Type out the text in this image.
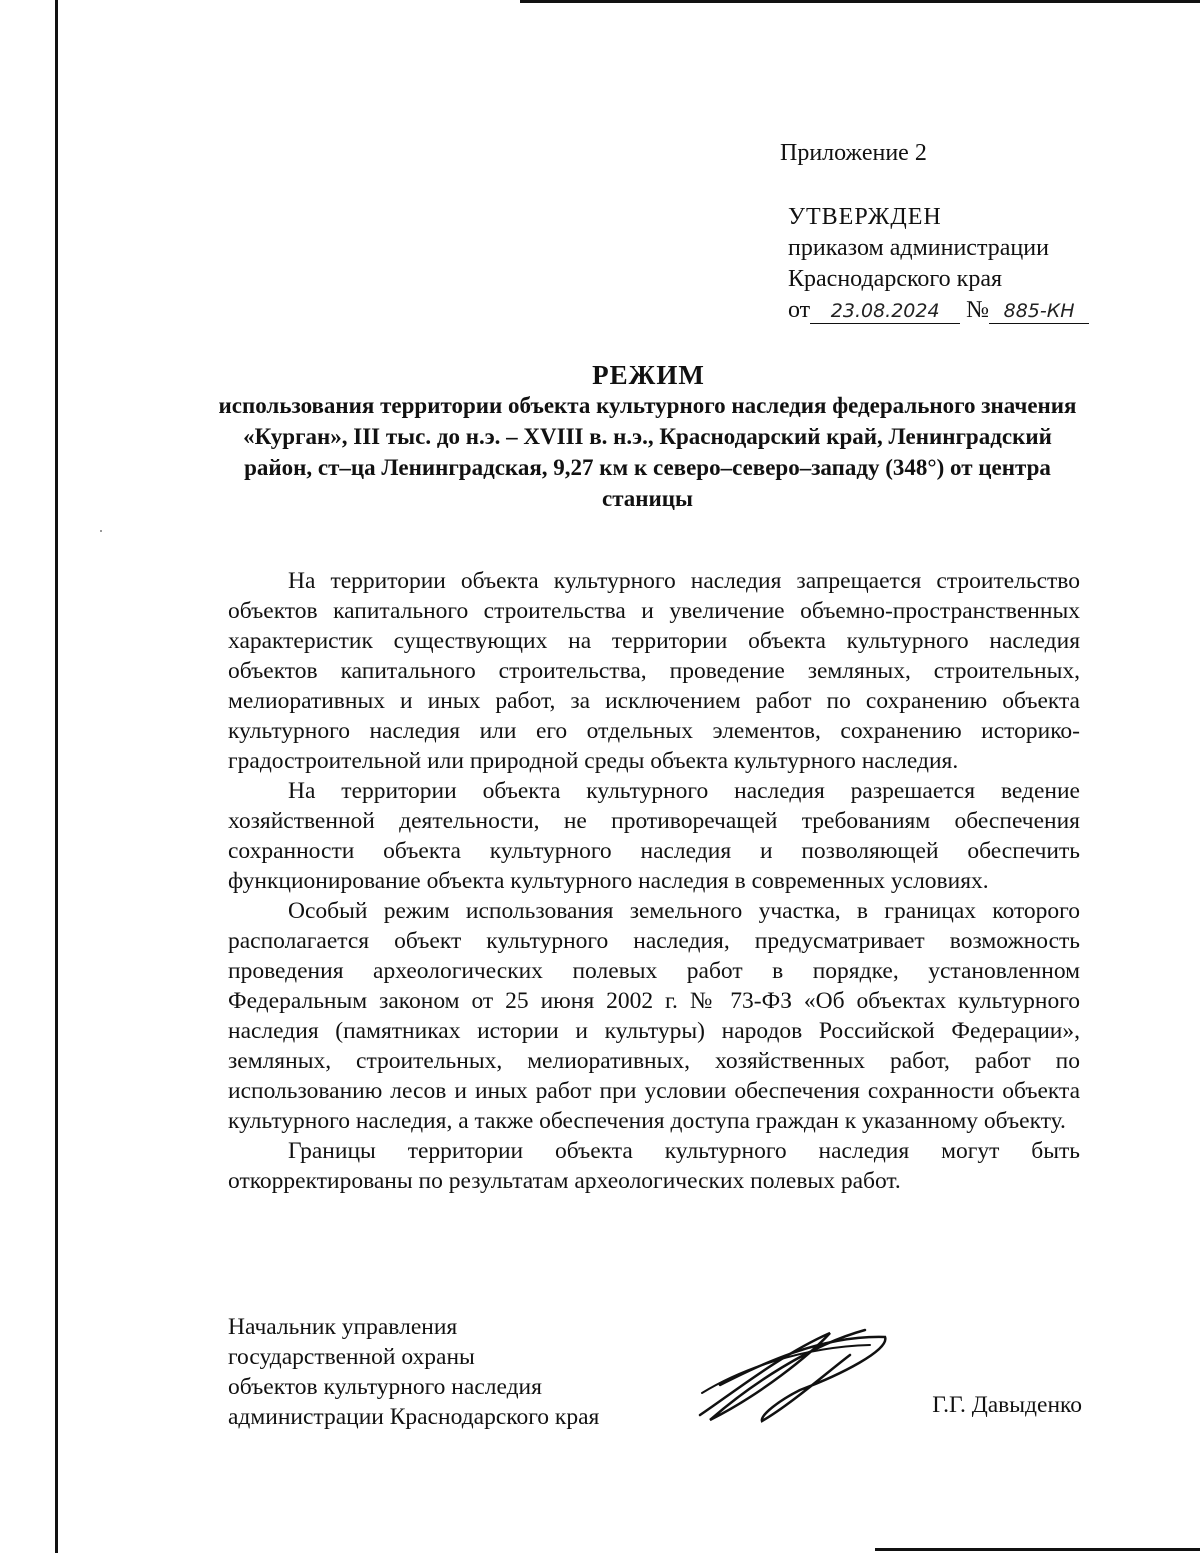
Приложение 2
УТВЕРЖДЕН
приказом администрации
Краснодарского края
от 23.08.2024 № 885-КН
РЕЖИМ
использования территории объекта культурного наследия федерального значения «Курган», III тыс. до н.э. – XVIII в. н.э., Краснодарский край, Ленинградский район, ст–ца Ленинградская, 9,27 км к северо–северо–западу (348°) от центра станицы

На территории объекта культурного наследия запрещается строительство объектов капитального строительства и увеличение объемно-пространственных характеристик существующих на территории объекта культурного наследия объектов капитального строительства, проведение земляных, строительных, мелиоративных и иных работ, за исключением работ по сохранению объекта культурного наследия или его отдельных элементов, сохранению историко-градостроительной или природной среды объекта культурного наследия.

На территории объекта культурного наследия разрешается ведение хозяйственной деятельности, не противоречащей требованиям обеспечения сохранности объекта культурного наследия и позволяющей обеспечить функционирование объекта культурного наследия в современных условиях.

Особый режим использования земельного участка, в границах которого располагается объект культурного наследия, предусматривает возможность проведения археологических полевых работ в порядке, установленном Федеральным законом от 25 июня 2002 г. № 73-ФЗ «Об объектах культурного наследия (памятниках истории и культуры) народов Российской Федерации», земляных, строительных, мелиоративных, хозяйственных работ, работ по использованию лесов и иных работ при условии обеспечения сохранности объекта культурного наследия, а также обеспечения доступа граждан к указанному объекту.

Границы территории объекта культурного наследия могут быть откорректированы по результатам археологических полевых работ.

Начальник управления
государственной охраны
объектов культурного наследия
администрации Краснодарского края	Г.Г. Давыденко
